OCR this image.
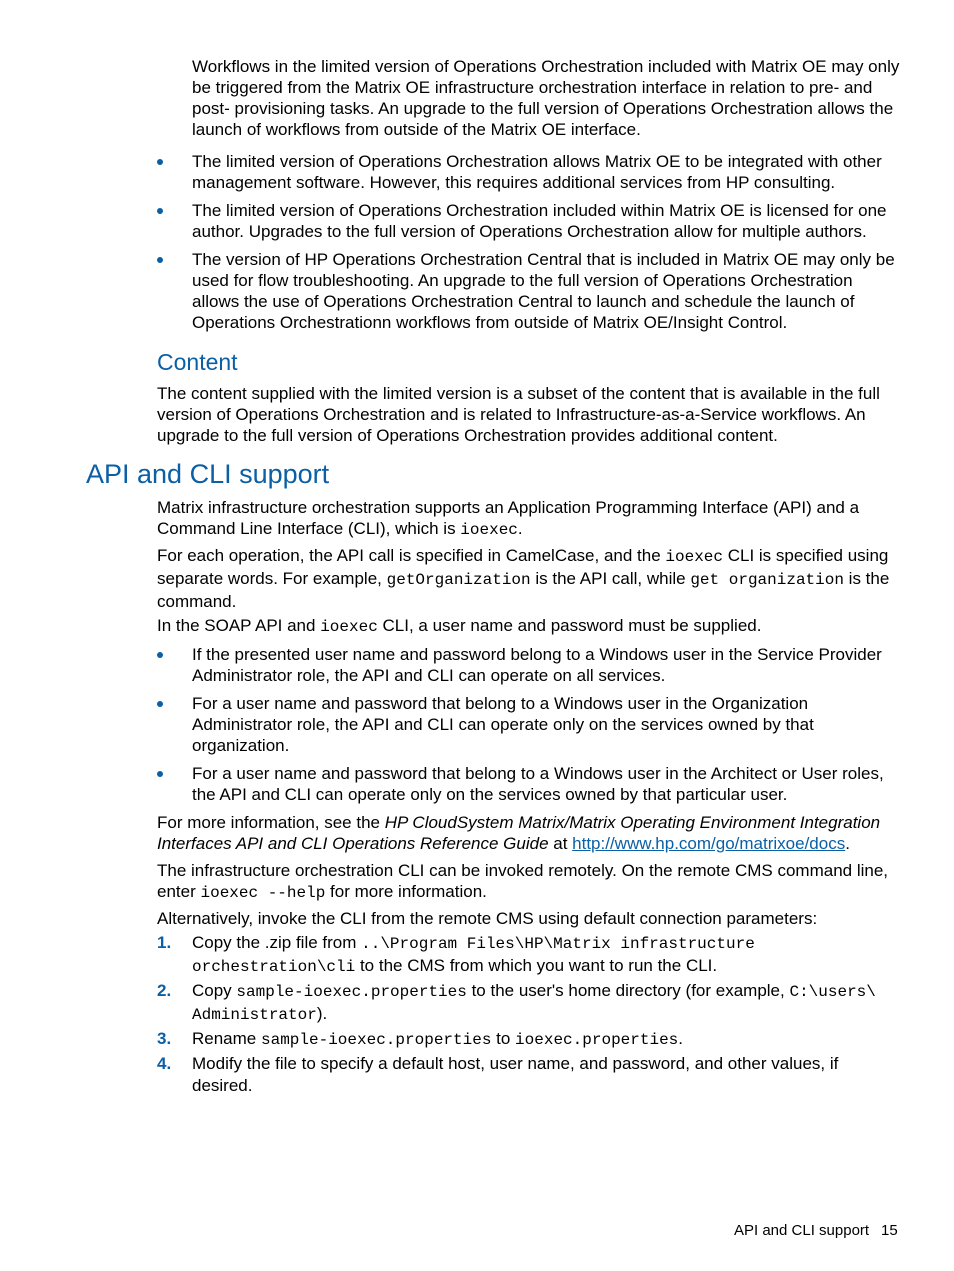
Workflows in the limited version of Operations Orchestration included with Matrix OE may only be triggered from the Matrix OE infrastructure orchestration interface in relation to pre- and post- provisioning tasks. An upgrade to the full version of Operations Orchestration allows the launch of workflows from outside of the Matrix OE interface.

The limited version of Operations Orchestration allows Matrix OE to be integrated with other management software. However, this requires additional services from HP consulting.
The limited version of Operations Orchestration included within Matrix OE is licensed for one author. Upgrades to the full version of Operations Orchestration allow for multiple authors.
The version of HP Operations Orchestration Central that is included in Matrix OE may only be used for flow troubleshooting. An upgrade to the full version of Operations Orchestration allows the use of Operations Orchestration Central to launch and schedule the launch of Operations Orchestrationn workflows from outside of Matrix OE/Insight Control.
Content

The content supplied with the limited version is a subset of the content that is available in the full version of Operations Orchestration and is related to Infrastructure-as-a-Service workflows. An upgrade to the full version of Operations Orchestration provides additional content.

API and CLI support

Matrix infrastructure orchestration supports an Application Programming Interface (API) and a Command Line Interface (CLI), which is ioexec.

For each operation, the API call is specified in CamelCase, and the ioexec CLI is specified using separate words. For example, getOrganization is the API call, while get organization is the command.

In the SOAP API and ioexec CLI, a user name and password must be supplied.

If the presented user name and password belong to a Windows user in the Service Provider Administrator role, the API and CLI can operate on all services.
For a user name and password that belong to a Windows user in the Organization Administrator role, the API and CLI can operate only on the services owned by that organization.
For a user name and password that belong to a Windows user in the Architect or User roles, the API and CLI can operate only on the services owned by that particular user.

For more information, see the HP CloudSystem Matrix/Matrix Operating Environment Integration Interfaces API and CLI Operations Reference Guide at http://www.hp.com/go/matrixoe/docs.

The infrastructure orchestration CLI can be invoked remotely. On the remote CMS command line, enter ioexec --help for more information.

Alternatively, invoke the CLI from the remote CMS using default connection parameters:

1. Copy the .zip file from ..\Program Files\HP\Matrix infrastructure orchestration\cli to the CMS from which you want to run the CLI.
2. Copy sample-ioexec.properties to the user's home directory (for example, C:\users\ Administrator).
3. Rename sample-ioexec.properties to ioexec.properties.
4. Modify the file to specify a default host, user name, and password, and other values, if desired.
API and CLI support 15
